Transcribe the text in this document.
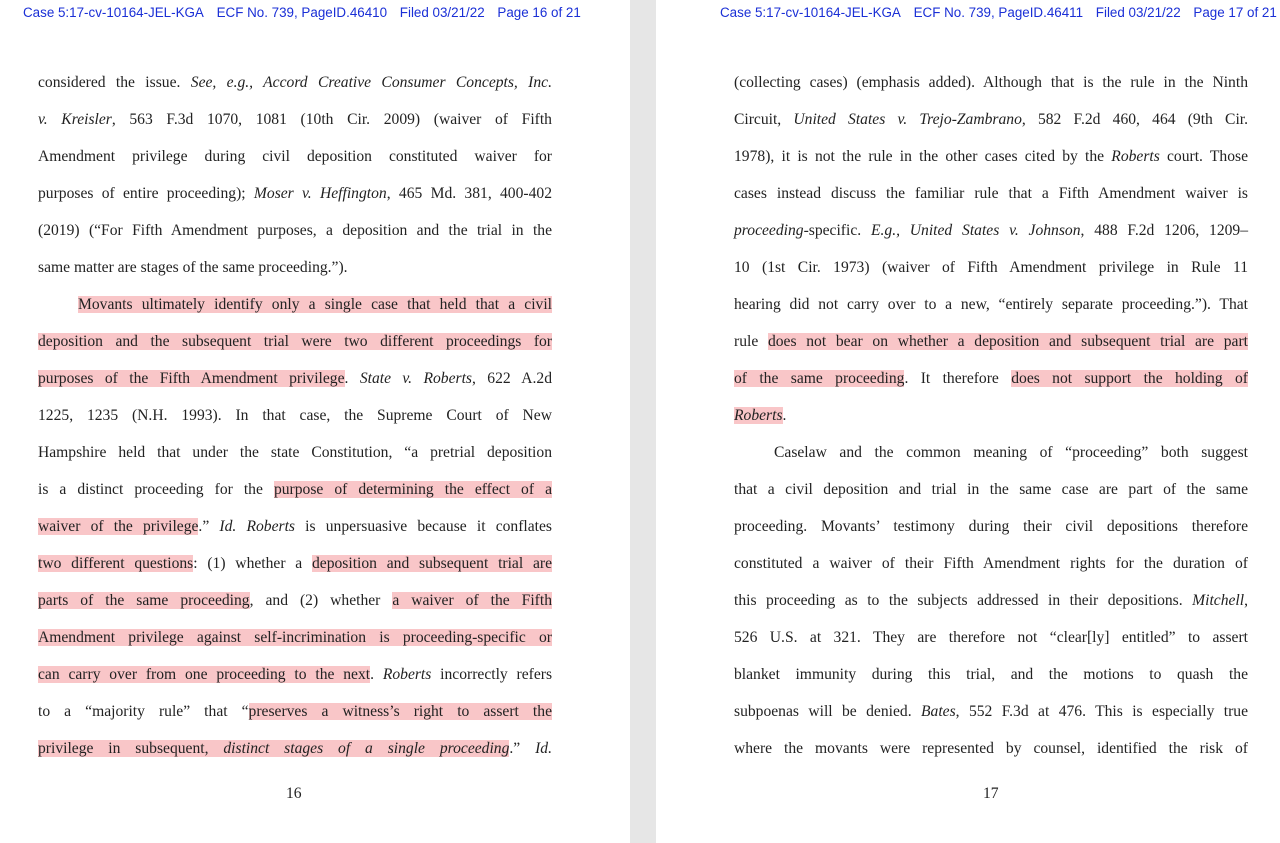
Case 5:17-cv-10164-JEL-KGA ECF No. 739, PageID.46410 Filed 03/21/22 Page 16 of 21
considered the issue. See, e.g., Accord Creative Consumer Concepts, Inc.
v. Kreisler, 563 F.3d 1070, 1081 (10th Cir. 2009) (waiver of Fifth
Amendment privilege during civil deposition constituted waiver for
purposes of entire proceeding); Moser v. Heffington, 465 Md. 381, 400-402
(2019) (“For Fifth Amendment purposes, a deposition and the trial in the
same matter are stages of the same proceeding.”).
Movants ultimately identify only a single case that held that a civil
deposition and the subsequent trial were two different proceedings for
purposes of the Fifth Amendment privilege. State v. Roberts, 622 A.2d
1225, 1235 (N.H. 1993). In that case, the Supreme Court of New
Hampshire held that under the state Constitution, “a pretrial deposition
is a distinct proceeding for the purpose of determining the effect of a
waiver of the privilege.” Id. Roberts is unpersuasive because it conflates
two different questions: (1) whether a deposition and subsequent trial are
parts of the same proceeding, and (2) whether a waiver of the Fifth
Amendment privilege against self-incrimination is proceeding-specific or
can carry over from one proceeding to the next. Roberts incorrectly refers
to a “majority rule” that “preserves a witness’s right to assert the
privilege in subsequent, distinct stages of a single proceeding.” Id.
16
Case 5:17-cv-10164-JEL-KGA ECF No. 739, PageID.46411 Filed 03/21/22 Page 17 of 21
(collecting cases) (emphasis added). Although that is the rule in the Ninth
Circuit, United States v. Trejo-Zambrano, 582 F.2d 460, 464 (9th Cir.
1978), it is not the rule in the other cases cited by the Roberts court. Those
cases instead discuss the familiar rule that a Fifth Amendment waiver is
proceeding-specific. E.g., United States v. Johnson, 488 F.2d 1206, 1209–
10 (1st Cir. 1973) (waiver of Fifth Amendment privilege in Rule 11
hearing did not carry over to a new, “entirely separate proceeding.”). That
rule does not bear on whether a deposition and subsequent trial are part
of the same proceeding. It therefore does not support the holding of
Roberts.
Caselaw and the common meaning of “proceeding” both suggest
that a civil deposition and trial in the same case are part of the same
proceeding. Movants’ testimony during their civil depositions therefore
constituted a waiver of their Fifth Amendment rights for the duration of
this proceeding as to the subjects addressed in their depositions. Mitchell,
526 U.S. at 321. They are therefore not “clear[ly] entitled” to assert
blanket immunity during this trial, and the motions to quash the
subpoenas will be denied. Bates, 552 F.3d at 476. This is especially true
where the movants were represented by counsel, identified the risk of
17
